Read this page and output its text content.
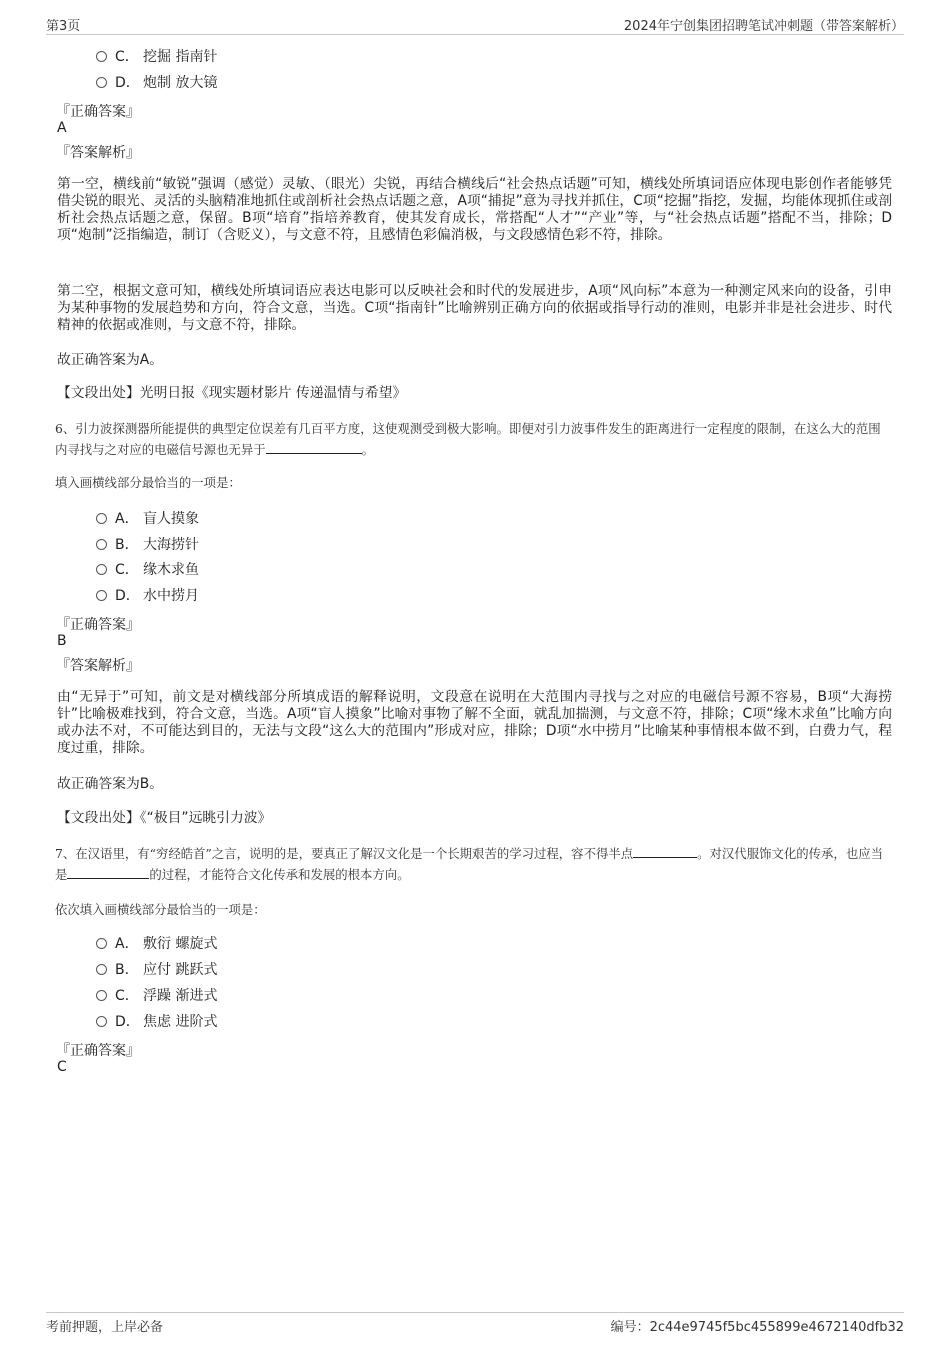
第3页	2024年宁创集团招聘笔试冲刺题（带答案解析）
C． 挖掘 指南针
D． 炮制 放大镜
『正确答案』
A
『答案解析』

第一空，横线前“敏锐”强调（感觉）灵敏、（眼光）尖锐，再结合横线后“社会热点话题”可知，横线处所填词语应体现电影创作者能够凭借尖锐的眼光、灵活的头脑精准地抓住或剖析社会热点话题之意，A项“捕捉”意为寻找并抓住，C项“挖掘”指挖，发掘，均能体现抓住或剖析社会热点话题之意，保留。B项“培育”指培养教育，使其发育成长，常搭配“人才”“产业”等，与“社会热点话题”搭配不当，排除；D项“炮制”泛指编造，制订（含贬义），与文意不符，且感情色彩偏消极，与文段感情色彩不符，排除。

第二空，根据文意可知，横线处所填词语应表达电影可以反映社会和时代的发展进步，A项“风向标”本意为一种测定风来向的设备，引申为某种事物的发展趋势和方向，符合文意，当选。C项“指南针”比喻辨别正确方向的依据或指导行动的准则，电影并非是社会进步、时代精神的依据或准则，与文意不符，排除。

故正确答案为A。

【文段出处】光明日报《现实题材影片 传递温情与希望》

6、引力波探测器所能提供的典型定位误差有几百平方度，这使观测受到极大影响。即便对引力波事件发生的距离进行一定程度的限制，在这么大的范围内寻找与之对应的电磁信号源也无异于	。

填入画横线部分最恰当的一项是：
A． 盲人摸象
B． 大海捞针
C． 缘木求鱼
D． 水中捞月
『正确答案』
B
『答案解析』

由“无异于”可知，前文是对横线部分所填成语的解释说明，文段意在说明在大范围内寻找与之对应的电磁信号源不容易，B项“大海捞针”比喻极难找到，符合文意，当选。A项“盲人摸象”比喻对事物了解不全面，就乱加揣测，与文意不符，排除；C项“缘木求鱼”比喻方向或办法不对，不可能达到目的，无法与文段“这么大的范围内”形成对应，排除；D项“水中捞月”比喻某种事情根本做不到，白费力气，程度过重，排除。

故正确答案为B。

【文段出处】《“极目”远眺引力波》

7、在汉语里，有“穷经皓首”之言，说明的是，要真正了解汉文化是一个长期艰苦的学习过程，容不得半点	。对汉代服饰文化的传承，也应当是	的过程，才能符合文化传承和发展的根本方向。

依次填入画横线部分最恰当的一项是：
A． 敷衍 螺旋式
B． 应付 跳跃式
C． 浮躁 渐进式
D． 焦虑 进阶式
『正确答案』
C
考前押题，上岸必备	编号：2c44e9745f5bc455899e4672140dfb32
